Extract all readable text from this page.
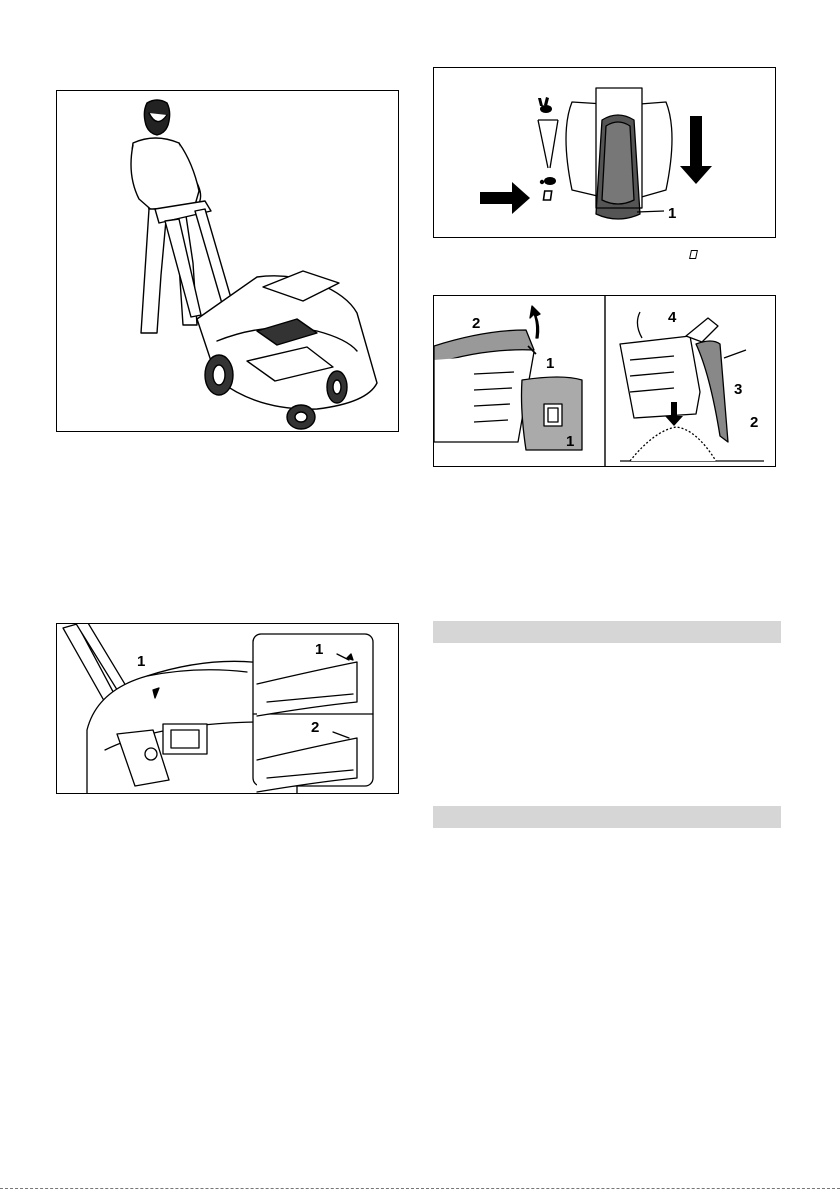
1
2
1
1
4
3
2
1
1
2
